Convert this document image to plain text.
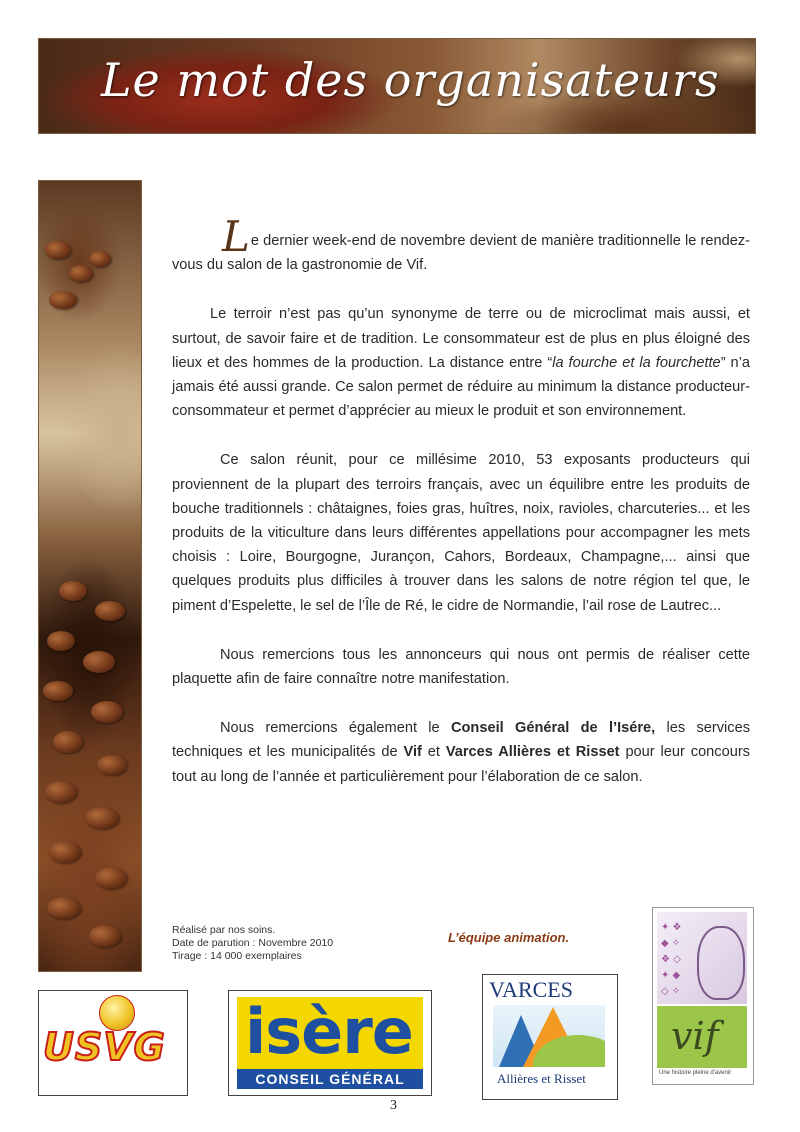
Le mot des organisateurs

Le dernier week-end de novembre devient de manière traditionnelle le rendez-vous du salon de la gastronomie de Vif.

Le terroir n’est pas qu’un synonyme de terre ou de microclimat mais aussi, et surtout, de savoir faire et de tradition. Le consommateur est de plus en plus éloigné des lieux et des hommes de la production. La distance entre “la fourche et la fourchette” n’a jamais été aussi grande. Ce salon permet de réduire au minimum la distance producteur-consommateur et permet d’apprécier au mieux le produit et son environnement.

Ce salon réunit, pour ce millésime 2010, 53 exposants producteurs qui proviennent de la plupart des terroirs français, avec un équilibre entre les produits de bouche traditionnels : châtaignes, foies gras, huîtres, noix, ravioles, charcuteries... et les produits de la viticulture dans leurs différentes appellations pour accompagner les mets choisis : Loire, Bourgogne, Jurançon, Cahors, Bordeaux, Champagne,... ainsi que quelques produits plus difficiles à trouver dans les salons de notre région tel que, le piment d’Espelette, le sel de l’Île de Ré, le cidre de Normandie, l’ail rose de Lautrec...

Nous remercions tous les annonceurs qui nous ont permis de réaliser cette plaquette afin de faire connaître notre manifestation.

Nous remercions également le Conseil Général de l’Isére, les services techniques et les municipalités de Vif et Varces Allières et Risset pour leur concours tout au long de l’année et particulièrement pour l’élaboration de ce salon.

Réalisé par nos soins.
Date de parution : Novembre 2010
Tirage : 14 000 exemplaires
L’équipe animation.
✦ ❖
◆ ✧
❖ ◇
✦ ◆
◇ ✧
vif
Une histoire pleine d'avenir
USVG isère
CONSEIL GÉNÉRAL
VARCES
Allières et Risset
3
